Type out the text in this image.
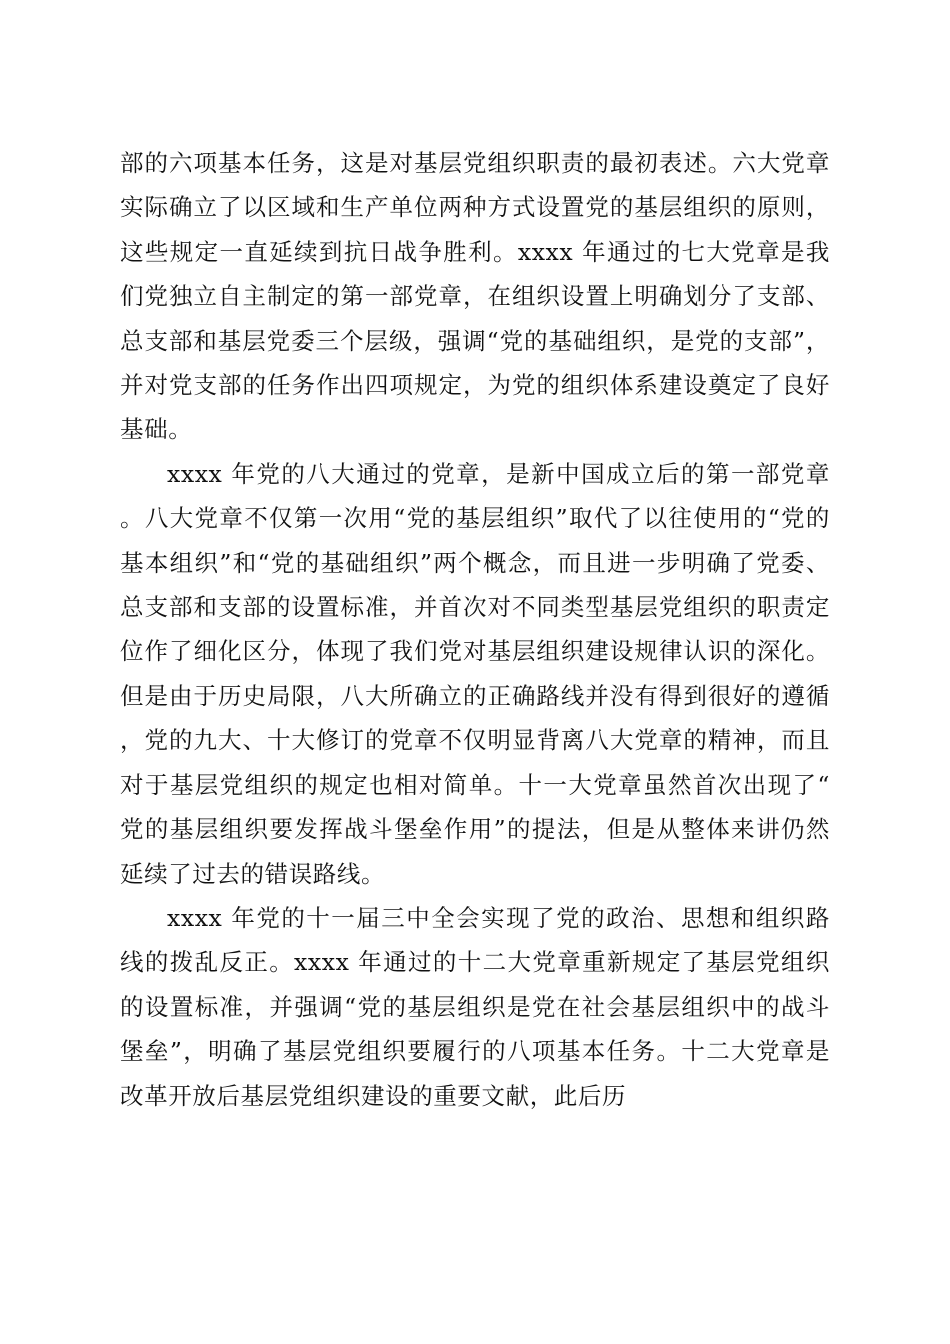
部的六项基本任务，这是对基层党组织职责的最初表述。六大党章实际确立了以区域和生产单位两种方式设置党的基层组织的原则，这些规定一直延续到抗日战争胜利。xxxx 年通过的七大党章是我们党独立自主制定的第一部党章，在组织设置上明确划分了支部、总支部和基层党委三个层级，强调“党的基础组织，是党的支部”，并对党支部的任务作出四项规定，为党的组织体系建设奠定了良好基础。

xxxx 年党的八大通过的党章，是新中国成立后的第一部党章。八大党章不仅第一次用“党的基层组织”取代了以往使用的“党的基本组织”和“党的基础组织”两个概念，而且进一步明确了党委、总支部和支部的设置标准，并首次对不同类型基层党组织的职责定位作了细化区分，体现了我们党对基层组织建设规律认识的深化。但是由于历史局限，八大所确立的正确路线并没有得到很好的遵循，党的九大、十大修订的党章不仅明显背离八大党章的精神，而且对于基层党组织的规定也相对简单。十一大党章虽然首次出现了“党的基层组织要发挥战斗堡垒作用”的提法，但是从整体来讲仍然延续了过去的错误路线。

xxxx 年党的十一届三中全会实现了党的政治、思想和组织路线的拨乱反正。xxxx 年通过的十二大党章重新规定了基层党组织的设置标准，并强调“党的基层组织是党在社会基层组织中的战斗堡垒”，明确了基层党组织要履行的八项基本任务。十二大党章是改革开放后基层党组织建设的重要文献，此后历
